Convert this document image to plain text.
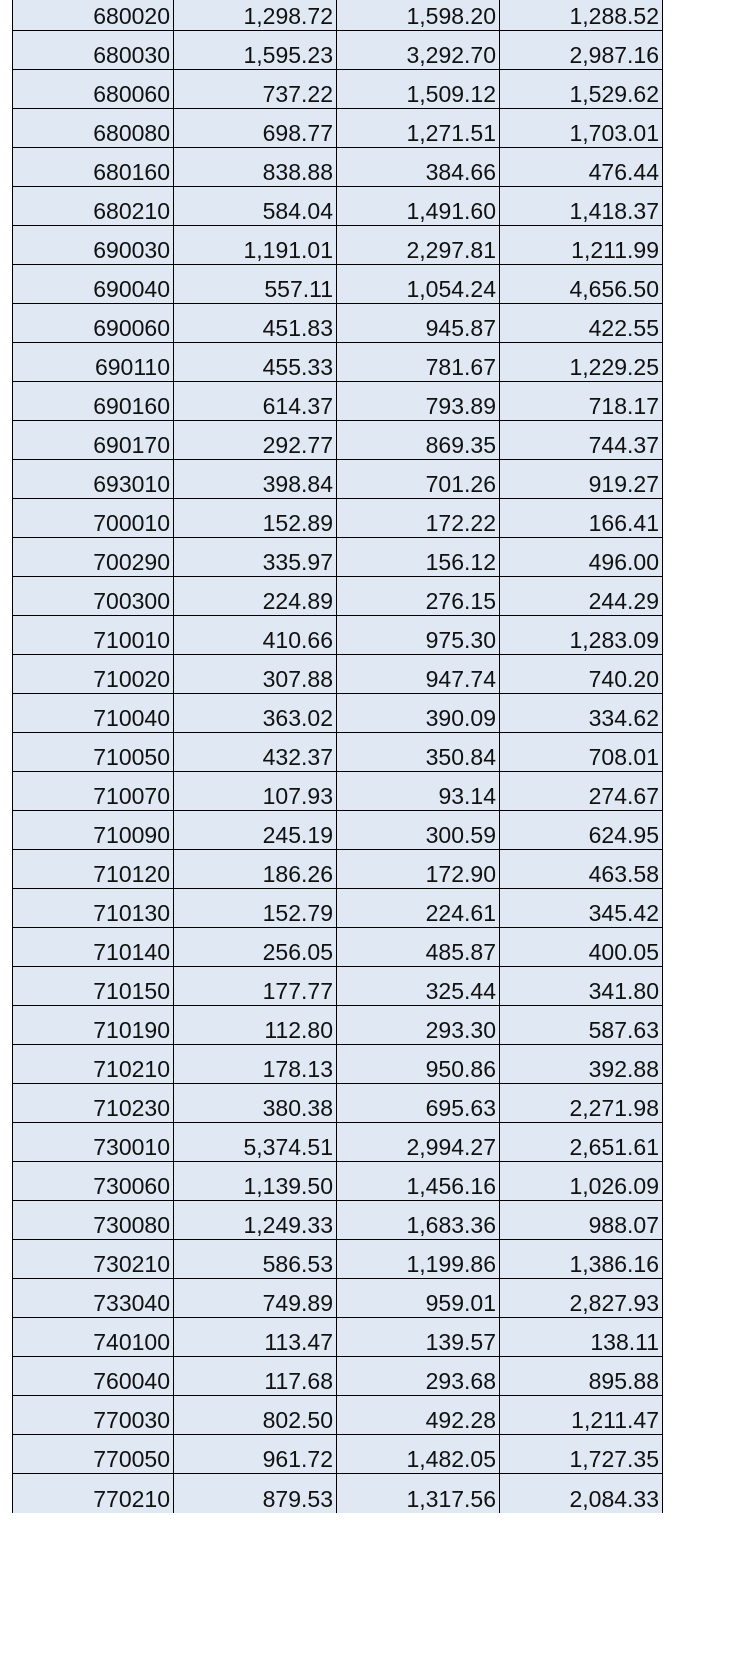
680020	1,298.72	1,598.20	1,288.52
680030	1,595.23	3,292.70	2,987.16
680060	737.22	1,509.12	1,529.62
680080	698.77	1,271.51	1,703.01
680160	838.88	384.66	476.44
680210	584.04	1,491.60	1,418.37
690030	1,191.01	2,297.81	1,211.99
690040	557.11	1,054.24	4,656.50
690060	451.83	945.87	422.55
690110	455.33	781.67	1,229.25
690160	614.37	793.89	718.17
690170	292.77	869.35	744.37
693010	398.84	701.26	919.27
700010	152.89	172.22	166.41
700290	335.97	156.12	496.00
700300	224.89	276.15	244.29
710010	410.66	975.30	1,283.09
710020	307.88	947.74	740.20
710040	363.02	390.09	334.62
710050	432.37	350.84	708.01
710070	107.93	93.14	274.67
710090	245.19	300.59	624.95
710120	186.26	172.90	463.58
710130	152.79	224.61	345.42
710140	256.05	485.87	400.05
710150	177.77	325.44	341.80
710190	112.80	293.30	587.63
710210	178.13	950.86	392.88
710230	380.38	695.63	2,271.98
730010	5,374.51	2,994.27	2,651.61
730060	1,139.50	1,456.16	1,026.09
730080	1,249.33	1,683.36	988.07
730210	586.53	1,199.86	1,386.16
733040	749.89	959.01	2,827.93
740100	113.47	139.57	138.11
760040	117.68	293.68	895.88
770030	802.50	492.28	1,211.47
770050	961.72	1,482.05	1,727.35
770210	879.53	1,317.56	2,084.33
